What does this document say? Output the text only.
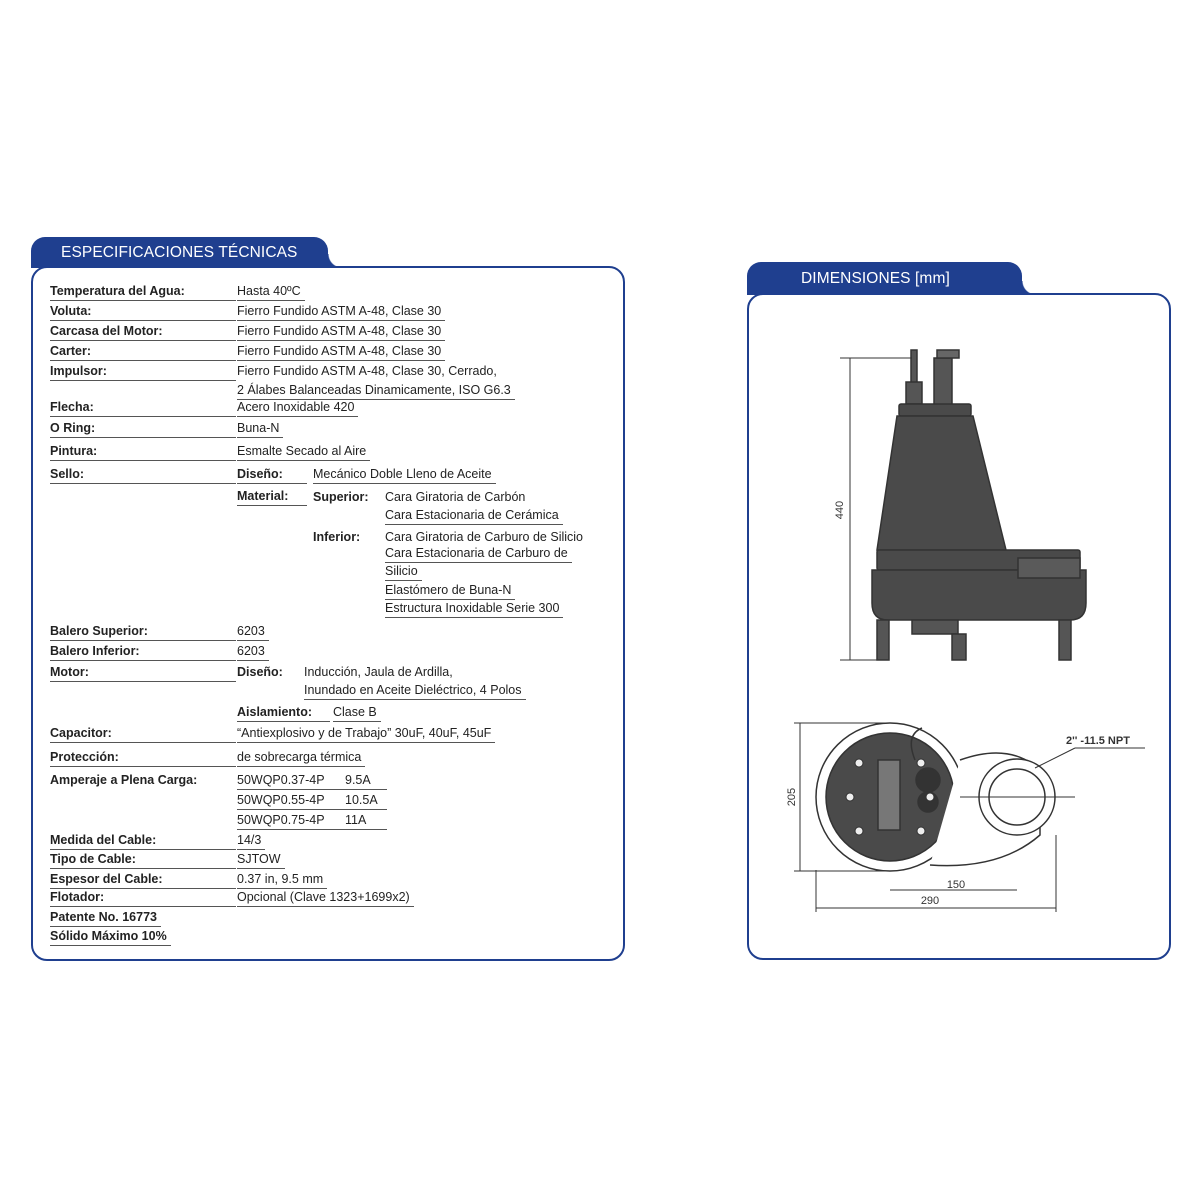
ESPECIFICACIONES TÉCNICAS
Temperatura del Agua:	Hasta 40ºC
Voluta:	Fierro Fundido ASTM A-48, Clase 30
Carcasa del Motor:	Fierro Fundido ASTM A-48, Clase 30
Carter:	Fierro Fundido ASTM A-48, Clase 30
Impulsor:	Fierro Fundido ASTM A-48, Clase 30, Cerrado,
2 Álabes Balanceadas Dinamicamente, ISO G6.3
Flecha:	Acero Inoxidable 420
O Ring:	Buna-N
Pintura:	Esmalte Secado al Aire
Sello:	Diseño:	Mecánico Doble Lleno de Aceite
Material:	Superior:	Cara Giratoria de Carbón
Cara Estacionaria de Cerámica
Inferior:	Cara Giratoria de Carburo de Silicio
Cara Estacionaria de Carburo de
Silicio
Elastómero de Buna-N
Estructura Inoxidable Serie 300
Balero Superior:	6203
Balero Inferior:	6203
Motor:	Diseño:	Inducción, Jaula de Ardilla,
Inundado en Aceite Dieléctrico, 4 Polos
Aislamiento:	Clase B
Capacitor:	“Antiexplosivo y de Trabajo” 30uF, 40uF, 45uF
Protección:	de sobrecarga térmica
Amperaje a Plena Carga:	50WQP0.37-4P	9.5A
50WQP0.55-4P	10.5A
50WQP0.75-4P	11A
Medida del Cable:	14/3
Tipo de Cable:	SJTOW
Espesor del Cable:	0.37 in, 9.5 mm
Flotador:	Opcional (Clave 1323+1699x2)
Patente No. 16773
Sólido Máximo 10%
DIMENSIONES [mm]
440
205
150
290
2'' -11.5 NPT
